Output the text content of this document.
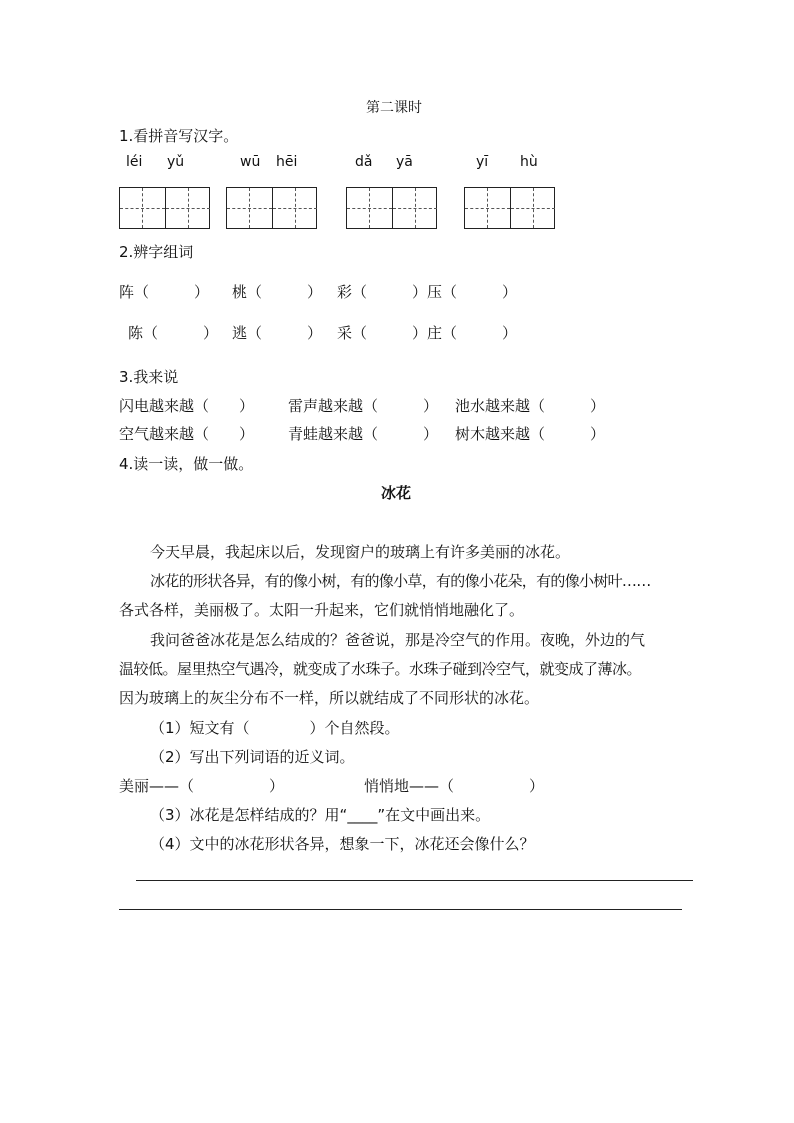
第二课时
1.看拼音写汉字。
léi yǔ	wū hēi	dǎ yā	yī hù
2.辨字组词
阵（　　　） 桃（　　　） 彩（　　　）压（　　　）
陈（　　　） 逃（　　　） 采（　　　）庄（　　　）
3.我来说
闪电越来越（　　） 雷声越来越（　　　） 池水越来越（　　　）
空气越来越（　　） 青蛙越来越（　　　） 树木越来越（　　　）
4.读一读，做一做。
冰花
今天早晨，我起床以后，发现窗户的玻璃上有许多美丽的冰花。
冰花的形状各异，有的像小树，有的像小草，有的像小花朵，有的像小树叶……
各式各样，美丽极了。太阳一升起来，它们就悄悄地融化了。
我问爸爸冰花是怎么结成的？爸爸说，那是冷空气的作用。夜晚，外边的气
温较低。屋里热空气遇冷，就变成了水珠子。水珠子碰到冷空气，就变成了薄冰。
因为玻璃上的灰尘分布不一样，所以就结成了不同形状的冰花。
（1）短文有（　　　　）个自然段。
（2）写出下列词语的近义词。
美丽——（　　　　　）	悄悄地——（　　　　　）
（3）冰花是怎样结成的？用“____”在文中画出来。
（4）文中的冰花形状各异，想象一下，冰花还会像什么？
